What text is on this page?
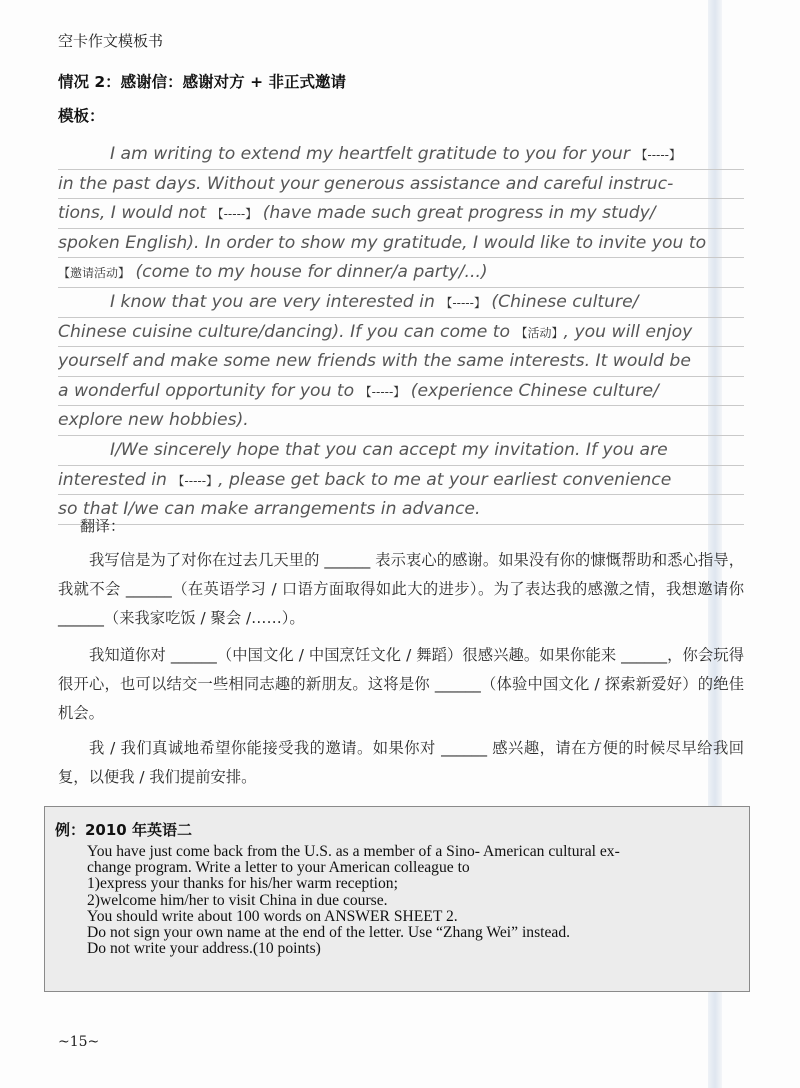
空卡作文模板书
情况 2：感谢信：感谢对方 + 非正式邀请
模板：
I am writing to extend my heartfelt gratitude to you for your 【-----】
in the past days. Without your generous assistance and careful instruc-
tions, I would not 【-----】 (have made such great progress in my study/
spoken English). In order to show my gratitude, I would like to invite you to
【邀请活动】 (come to my house for dinner/a party/...)
I know that you are very interested in 【-----】 (Chinese culture/
Chinese cuisine culture/dancing). If you can come to 【活动】, you will enjoy
yourself and make some new friends with the same interests. It would be
a wonderful opportunity for you to 【-----】 (experience Chinese culture/
explore new hobbies).
I/We sincerely hope that you can accept my invitation. If you are
interested in 【-----】, please get back to me at your earliest convenience
so that I/we can make arrangements in advance.
翻译：

我写信是为了对你在过去几天里的 ______ 表示衷心的感谢。如果没有你的慷慨帮助和悉心指导，我就不会 ______（在英语学习 / 口语方面取得如此大的进步）。为了表达我的感激之情，我想邀请你 ______（来我家吃饭 / 聚会 /……）。

我知道你对 ______（中国文化 / 中国烹饪文化 / 舞蹈）很感兴趣。如果你能来 ______，你会玩得很开心，也可以结交一些相同志趣的新朋友。这将是你 ______（体验中国文化 / 探索新爱好）的绝佳机会。

我 / 我们真诚地希望你能接受我的邀请。如果你对 ______ 感兴趣，请在方便的时候尽早给我回复，以便我 / 我们提前安排。

例：2010 年英语二
You have just come back from the U.S. as a member of a Sino- American cultural ex-
change program. Write a letter to your American colleague to
1)express your thanks for his/her warm reception;
2)welcome him/her to visit China in due course.
You should write about 100 words on ANSWER SHEET 2.
Do not sign your own name at the end of the letter. Use “Zhang Wei” instead.
Do not write your address.(10 points)
~15~
